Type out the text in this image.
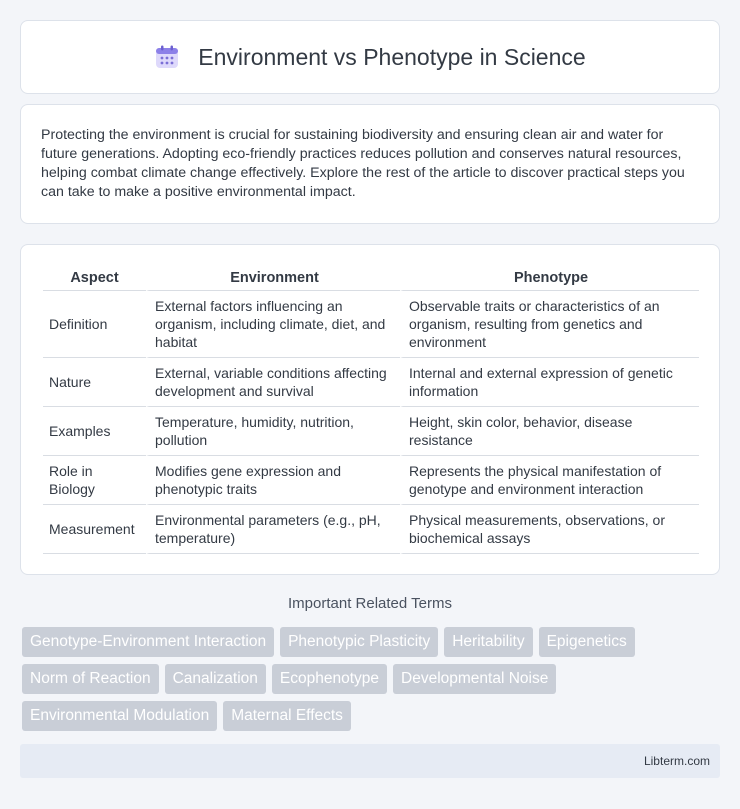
Environment vs Phenotype in Science

Protecting the environment is crucial for sustaining biodiversity and ensuring clean air and water for future generations. Adopting eco-friendly practices reduces pollution and conserves natural resources, helping combat climate change effectively. Explore the rest of the article to discover practical steps you can take to make a positive environmental impact.

Aspect	Environment	Phenotype
Definition	External factors influencing an organism, including climate, diet, and habitat	Observable traits or characteristics of an organism, resulting from genetics and environment
Nature	External, variable conditions affecting development and survival	Internal and external expression of genetic information
Examples	Temperature, humidity, nutrition, pollution	Height, skin color, behavior, disease resistance
Role in Biology	Modifies gene expression and phenotypic traits	Represents the physical manifestation of genotype and environment interaction
Measurement	Environmental parameters (e.g., pH, temperature)	Physical measurements, observations, or biochemical assays
Important Related Terms
Genotype-Environment Interaction	Phenotypic Plasticity	Heritability	Epigenetics
Norm of Reaction	Canalization	Ecophenotype	Developmental Noise
Environmental Modulation	Maternal Effects
Libterm.com
